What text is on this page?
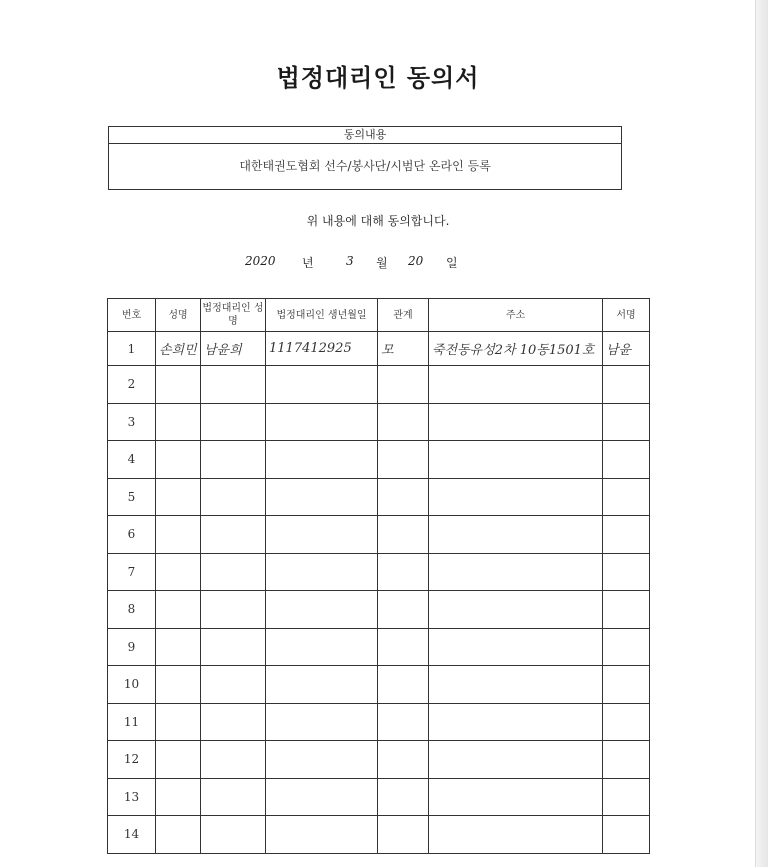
법정대리인 동의서
동의내용
대한태권도협회 선수/봉사단/시범단 온라인 등록
위 내용에 대해 동의합니다.
2020 년	3 월 20 일
번호	성명	법정대리인 성명	법정대리인 생년월일	관계	주소	서명
1	손희민	남윤희	1117412925	모	죽전동유성2차 10동1501호	남윤
2						
3						
4						
5						
6						
7						
8						
9						
10						
11						
12						
13						
14						
